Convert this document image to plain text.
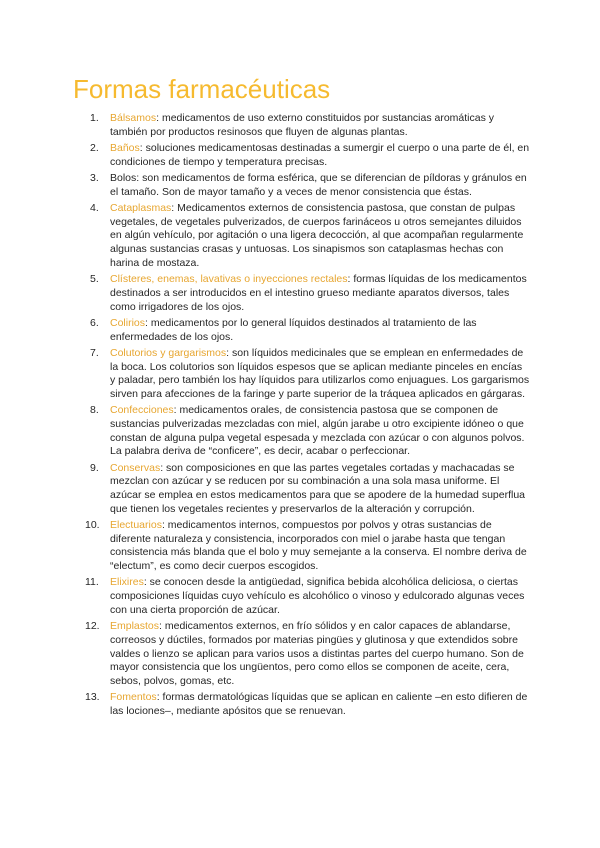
Formas farmacéuticas
1. Bálsamos: medicamentos de uso externo constituidos por sustancias aromáticas y también por productos resinosos que fluyen de algunas plantas.
2. Baños: soluciones medicamentosas destinadas a sumergir el cuerpo o una parte de él, en condiciones de tiempo y temperatura precisas.
3. Bolos: son medicamentos de forma esférica, que se diferencian de píldoras y gránulos en el tamaño. Son de mayor tamaño y a veces de menor consistencia que éstas.
4. Cataplasmas: Medicamentos externos de consistencia pastosa, que constan de pulpas vegetales, de vegetales pulverizados, de cuerpos farináceos u otros semejantes diluidos en algún vehículo, por agitación o una ligera decocción, al que acompañan regularmente algunas sustancias crasas y untuosas. Los sinapismos son cataplasmas hechas con harina de mostaza.
5. Clísteres, enemas, lavativas o inyecciones rectales: formas líquidas de los medicamentos destinados a ser introducidos en el intestino grueso mediante aparatos diversos, tales como irrigadores de los ojos.
6. Colirios: medicamentos por lo general líquidos destinados al tratamiento de las enfermedades de los ojos.
7. Colutorios y gargarismos: son líquidos medicinales que se emplean en enfermedades de la boca. Los colutorios son líquidos espesos que se aplican mediante pinceles en encías y paladar, pero también los hay líquidos para utilizarlos como enjuagues. Los gargarismos sirven para afecciones de la faringe y parte superior de la tráquea aplicados en gárgaras.
8. Confecciones: medicamentos orales, de consistencia pastosa que se componen de sustancias pulverizadas mezcladas con miel, algún jarabe u otro excipiente idóneo o que constan de alguna pulpa vegetal espesada y mezclada con azúcar o con algunos polvos. La palabra deriva de “conficere”, es decir, acabar o perfeccionar.
9. Conservas: son composiciones en que las partes vegetales cortadas y machacadas se mezclan con azúcar y se reducen por su combinación a una sola masa uniforme. El azúcar se emplea en estos medicamentos para que se apodere de la humedad superflua que tienen los vegetales recientes y preservarlos de la alteración y corrupción.
10. Electuarios: medicamentos internos, compuestos por polvos y otras sustancias de diferente naturaleza y consistencia, incorporados con miel o jarabe hasta que tengan consistencia más blanda que el bolo y muy semejante a la conserva. El nombre deriva de “electum”, es como decir cuerpos escogidos.
11. Elixires: se conocen desde la antigüedad, significa bebida alcohólica deliciosa, o ciertas composiciones líquidas cuyo vehículo es alcohólico o vinoso y edulcorado algunas veces con una cierta proporción de azúcar.
12. Emplastos: medicamentos externos, en frío sólidos y en calor capaces de ablandarse, correosos y dúctiles, formados por materias pingües y glutinosa y que extendidos sobre valdes o lienzo se aplican para varios usos a distintas partes del cuerpo humano. Son de mayor consistencia que los ungüentos, pero como ellos se componen de aceite, cera, sebos, polvos, gomas, etc.
13. Fomentos: formas dermatológicas líquidas que se aplican en caliente –en esto difieren de las lociones–, mediante apósitos que se renuevan.
